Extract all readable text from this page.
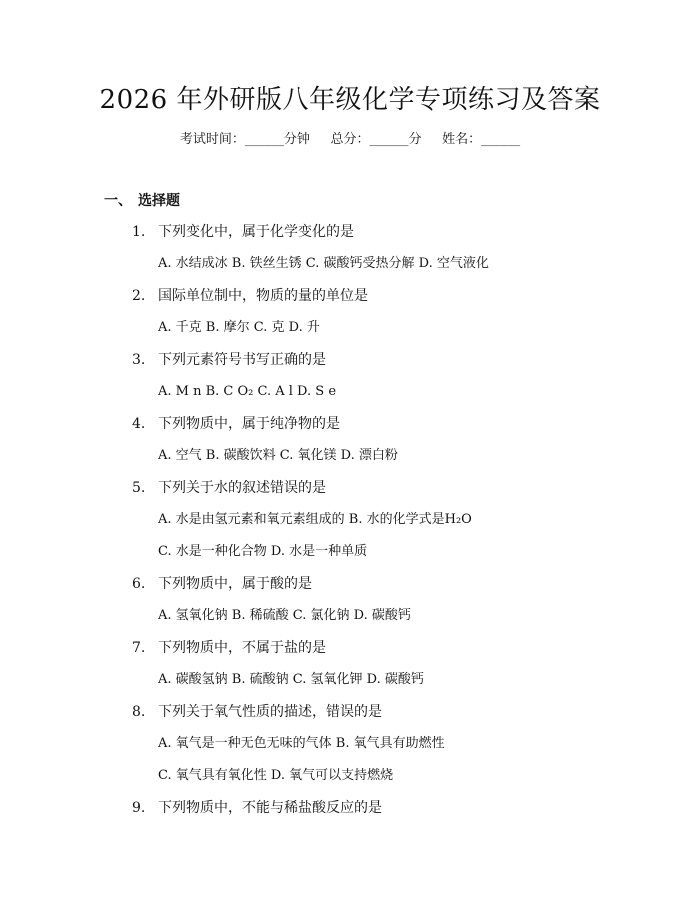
2026 年外研版八年级化学专项练习及答案
考试时间：______分钟     总分：______分     姓名：______
一、 选择题
1. 下列变化中，属于化学变化的是
A. 水结成冰 B. 铁丝生锈 C. 碳酸钙受热分解 D. 空气液化
2. 国际单位制中，物质的量的单位是
A. 千克 B. 摩尔 C. 克 D. 升
3. 下列元素符号书写正确的是
A. M n B. C O₂ C. A l D. S e
4. 下列物质中，属于纯净物的是
A. 空气 B. 碳酸饮料 C. 氧化镁 D. 漂白粉
5. 下列关于水的叙述错误的是
A. 水是由氢元素和氧元素组成的 B. 水的化学式是H₂O
C. 水是一种化合物 D. 水是一种单质
6. 下列物质中，属于酸的是
A. 氢氧化钠 B. 稀硫酸 C. 氯化钠 D. 碳酸钙
7. 下列物质中，不属于盐的是
A. 碳酸氢钠 B. 硫酸钠 C. 氢氧化钾 D. 碳酸钙
8. 下列关于氧气性质的描述，错误的是
A. 氧气是一种无色无味的气体 B. 氧气具有助燃性
C. 氧气具有氧化性 D. 氧气可以支持燃烧
9. 下列物质中，不能与稀盐酸反应的是
